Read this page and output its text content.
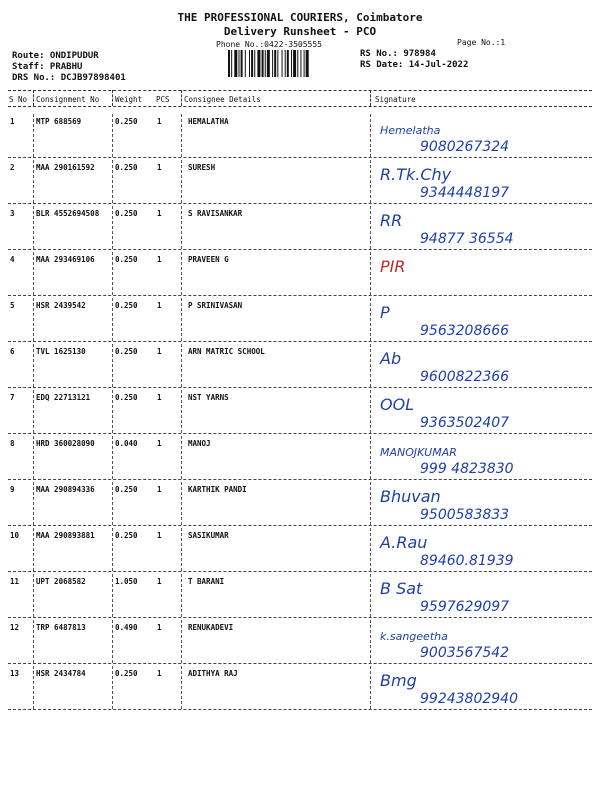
THE PROFESSIONAL COURIERS, Coimbatore
Delivery Runsheet - PCO
Phone No.:0422-3505555	Page No.:1
Route: ONDIPUDUR
Staff: PRABHU
DRS No.: DCJB97898401
RS No.: 978984
RS Date: 14-Jul-2022
S No Consignment No Weight PCS Consignee Details	Signature
1	MTP 688569	0.250	1	HEMALATHA
Hemelatha
9080267324
2	MAA 290161592	0.250	1	SURESH	R.Tk.Chy
9344448197
3	BLR 4552694508 0.250	1	S RAVISANKAR	RR
94877 36554
4	MAA 293469106	0.250	1	PRAVEEN G	PIR
5	HSR 2439542	0.250	1	P SRINIVASAN	P
9563208666
6	TVL 1625130	0.250	1	ARN MATRIC SCHOOL	Ab
9600822366
7	EDQ 22713121	0.250	1	NST YARNS	OOL
9363502407
8	HRD 360028090	0.040	1	MANOJ
MANOJKUMAR
999 4823830
9	MAA 290894336	0.250	1	KARTHIK PANDI	Bhuvan
9500583833
10 MAA 290893881	0.250	1	SASIKUMAR	A.Rau
89460.81939
11 UPT 2068582	1.050	1	T BARANI	B Sat
9597629097
12 TRP 6487813	0.490	1	RENUKADEVI
k.sangeetha
9003567542
13 HSR 2434784	0.250	1	ADITHYA RAJ	Bmg
99243802940
